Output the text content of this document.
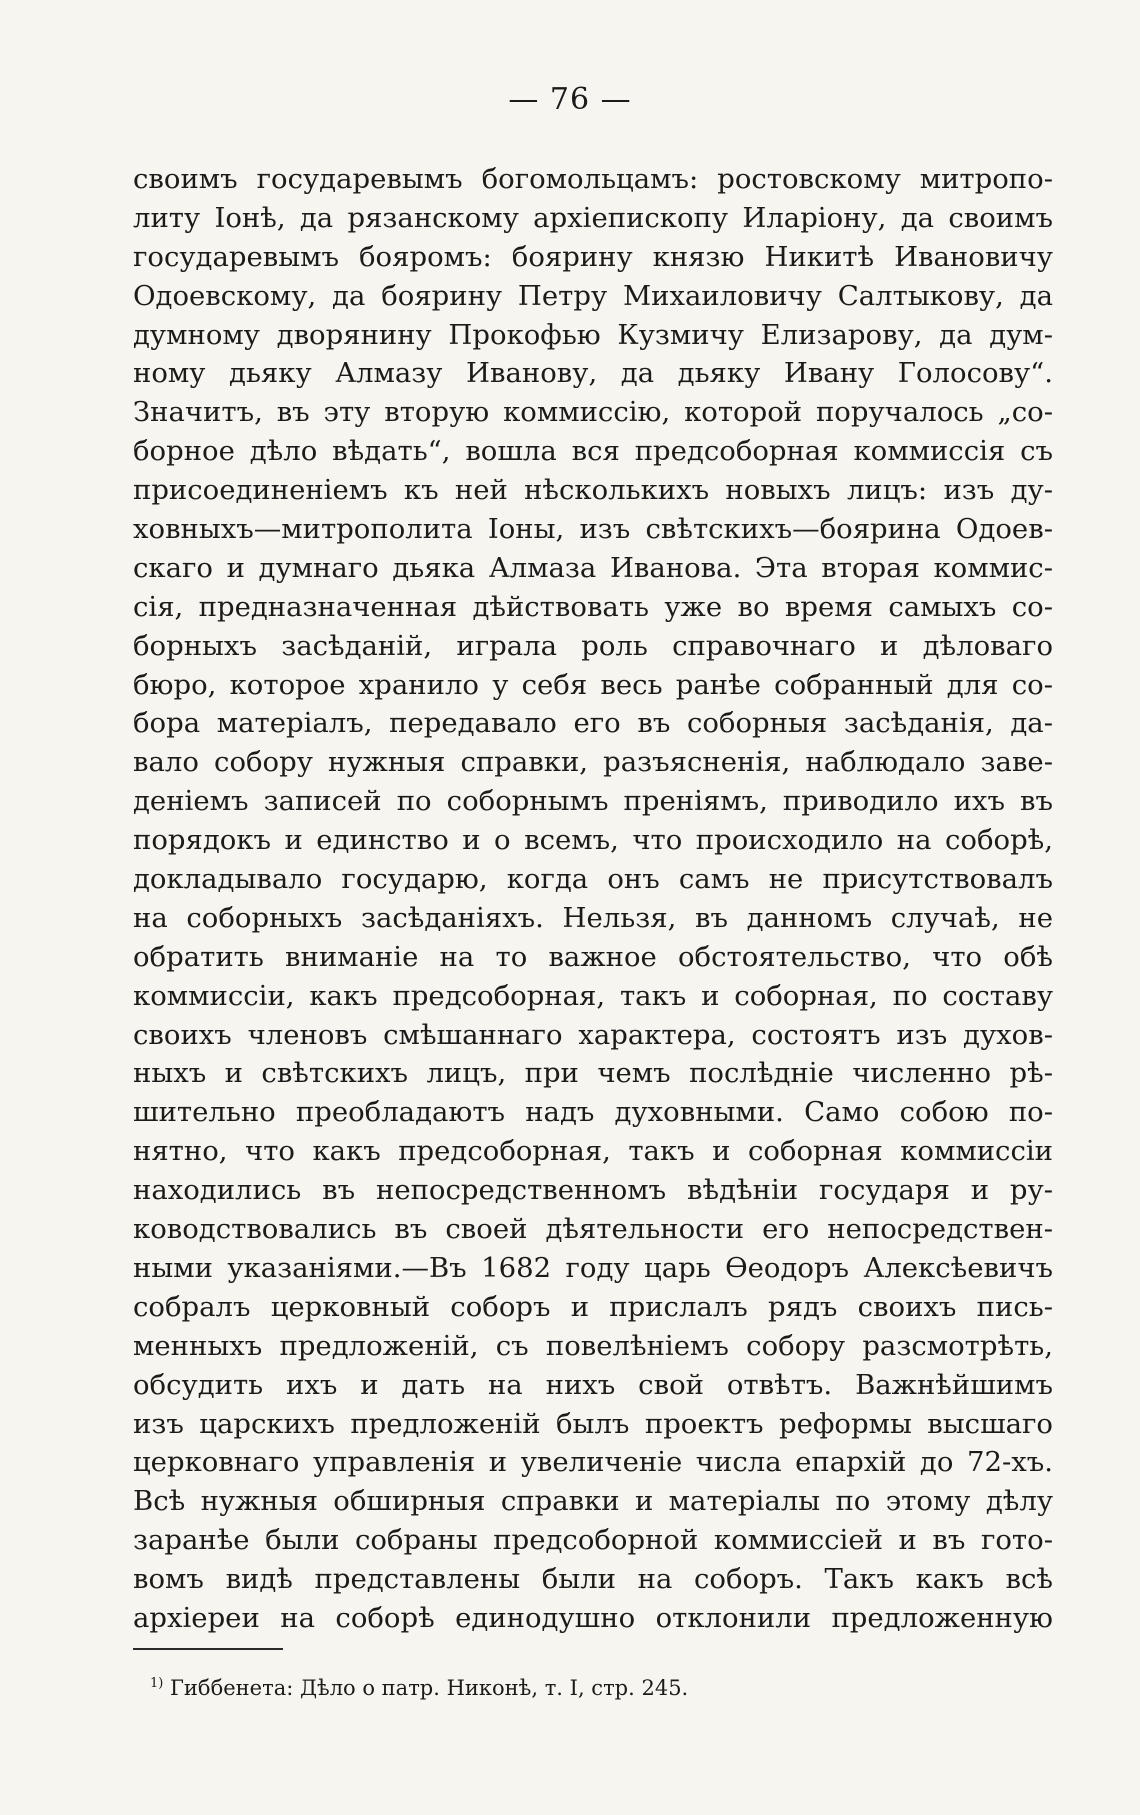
— 76 —
своимъ государевымъ богомольцамъ: ростовскому митропо-
литу Іонѣ, да рязанскому архіепископу Иларіону, да своимъ
государевымъ бояромъ: боярину князю Никитѣ Ивановичу
Одоевскому, да боярину Петру Михаиловичу Салтыкову, да
думному дворянину Прокофью Кузмичу Елизарову, да дум-
ному дьяку Алмазу Иванову, да дьяку Ивану Голосову“.
Значитъ, въ эту вторую коммиссію, которой поручалось „со-
борное дѣло вѣдать“, вошла вся предсоборная коммиссія съ
присоединеніемъ къ ней нѣсколькихъ новыхъ лицъ: изъ ду-
ховныхъ—митрополита Іоны, изъ свѣтскихъ—боярина Одоев-
скаго и думнаго дьяка Алмаза Иванова. Эта вторая коммис-
сія, предназначенная дѣйствовать уже во время самыхъ со-
борныхъ засѣданій, играла роль справочнаго и дѣловаго
бюро, которое хранило у себя весь ранѣе собранный для со-
бора матеріалъ, передавало его въ соборныя засѣданія, да-
вало собору нужныя справки, разъясненія, наблюдало заве-
деніемъ записей по соборнымъ преніямъ, приводило ихъ въ
порядокъ и единство и о всемъ, что происходило на соборѣ,
докладывало государю, когда онъ самъ не присутствовалъ
на соборныхъ засѣданіяхъ. Нельзя, въ данномъ случаѣ, не
обратить вниманіе на то важное обстоятельство, что обѣ
коммиссіи, какъ предсоборная, такъ и соборная, по составу
своихъ членовъ смѣшаннаго характера, состоятъ изъ духов-
ныхъ и свѣтскихъ лицъ, при чемъ послѣдніе численно рѣ-
шительно преобладаютъ надъ духовными. Само собою по-
нятно, что какъ предсоборная, такъ и соборная коммиссіи
находились въ непосредственномъ вѣдѣніи государя и ру-
ководствовались въ своей дѣятельности его непосредствен-
ными указаніями.—Въ 1682 году царь Ѳеодоръ Алексѣевичъ
собралъ церковный соборъ и прислалъ рядъ своихъ пись-
менныхъ предложеній, съ повелѣніемъ собору разсмотрѣть,
обсудить ихъ и дать на нихъ свой отвѣтъ. Важнѣйшимъ
изъ царскихъ предложеній былъ проектъ реформы высшаго
церковнаго управленія и увеличеніе числа епархій до 72-хъ.
Всѣ нужныя обширныя справки и матеріалы по этому дѣлу
заранѣе были собраны предсоборной коммиссіей и въ гото-
вомъ видѣ представлены были на соборъ. Такъ какъ всѣ
архіереи на соборѣ единодушно отклонили предложенную
$^{1)}$ Гиббенета: Дѣло о патр. Никонѣ, т. I, стр. 245.
